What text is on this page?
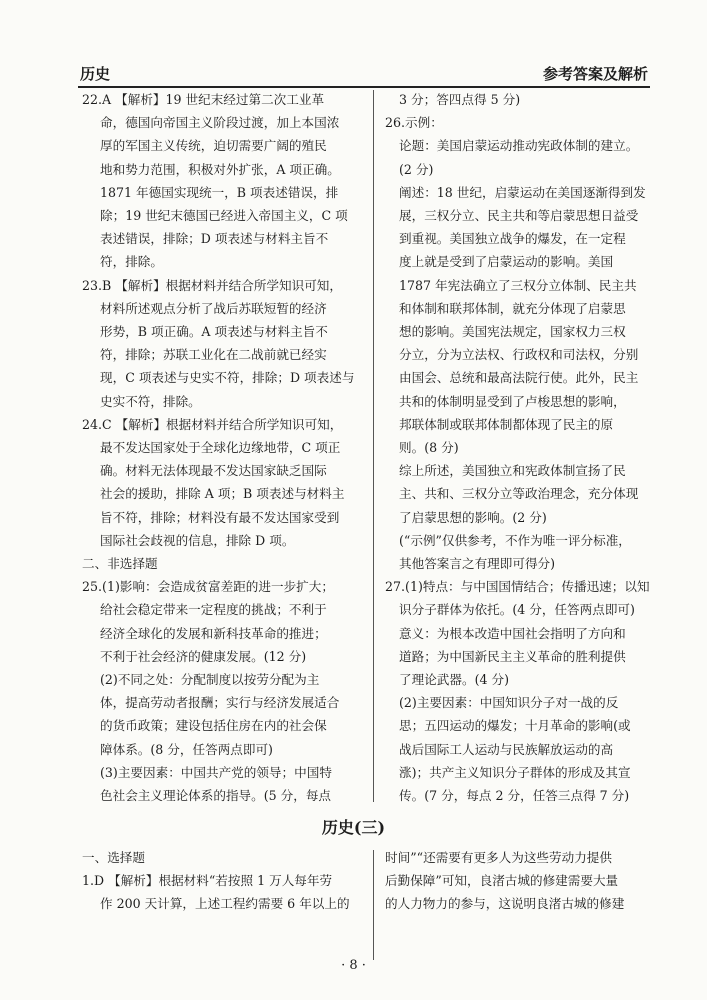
历史	参考答案及解析

22.A 【解析】19 世纪末经过第二次工业革

命，德国向帝国主义阶段过渡，加上本国浓

厚的军国主义传统，迫切需要广阔的殖民

地和势力范围，积极对外扩张，A 项正确。

1871 年德国实现统一，B 项表述错误，排

除；19 世纪末德国已经进入帝国主义，C 项

表述错误，排除；D 项表述与材料主旨不

符，排除。

23.B 【解析】根据材料并结合所学知识可知，

材料所述观点分析了战后苏联短暂的经济

形势，B 项正确。A 项表述与材料主旨不

符，排除；苏联工业化在二战前就已经实

现，C 项表述与史实不符，排除；D 项表述与

史实不符，排除。

24.C 【解析】根据材料并结合所学知识可知，

最不发达国家处于全球化边缘地带，C 项正

确。材料无法体现最不发达国家缺乏国际

社会的援助，排除 A 项；B 项表述与材料主

旨不符，排除；材料没有最不发达国家受到

国际社会歧视的信息，排除 D 项。

二、非选择题

25.(1)影响：会造成贫富差距的进一步扩大；

给社会稳定带来一定程度的挑战；不利于

经济全球化的发展和新科技革命的推进；

不利于社会经济的健康发展。(12 分)

(2)不同之处：分配制度以按劳分配为主

体，提高劳动者报酬；实行与经济发展适合

的货币政策；建设包括住房在内的社会保

障体系。(8 分，任答两点即可)

(3)主要因素：中国共产党的领导；中国特

色社会主义理论体系的指导。(5 分，每点

3 分；答四点得 5 分)

26.示例：

论题：美国启蒙运动推动宪政体制的建立。

(2 分)

阐述：18 世纪，启蒙运动在美国逐渐得到发

展，三权分立、民主共和等启蒙思想日益受

到重视。美国独立战争的爆发，在一定程

度上就是受到了启蒙运动的影响。美国

1787 年宪法确立了三权分立体制、民主共

和体制和联邦体制，就充分体现了启蒙思

想的影响。美国宪法规定，国家权力三权

分立，分为立法权、行政权和司法权，分别

由国会、总统和最高法院行使。此外，民主

共和的体制明显受到了卢梭思想的影响，

邦联体制或联邦体制都体现了民主的原

则。(8 分)

综上所述，美国独立和宪政体制宣扬了民

主、共和、三权分立等政治理念，充分体现

了启蒙思想的影响。(2 分)

(“示例”仅供参考，不作为唯一评分标准，

其他答案言之有理即可得分)

27.(1)特点：与中国国情结合；传播迅速；以知

识分子群体为依托。(4 分，任答两点即可)

意义：为根本改造中国社会指明了方向和

道路；为中国新民主主义革命的胜利提供

了理论武器。(4 分)

(2)主要因素：中国知识分子对一战的反

思；五四运动的爆发；十月革命的影响(或

战后国际工人运动与民族解放运动的高

涨)；共产主义知识分子群体的形成及其宣

传。(7 分，每点 2 分，任答三点得 7 分)

历史(三)

一、选择题

1.D 【解析】根据材料“若按照 1 万人每年劳

作 200 天计算，上述工程约需要 6 年以上的

时间”“还需要有更多人为这些劳动力提供

后勤保障”可知，良渚古城的修建需要大量

的人力物力的参与，这说明良渚古城的修建

· 8 ·
